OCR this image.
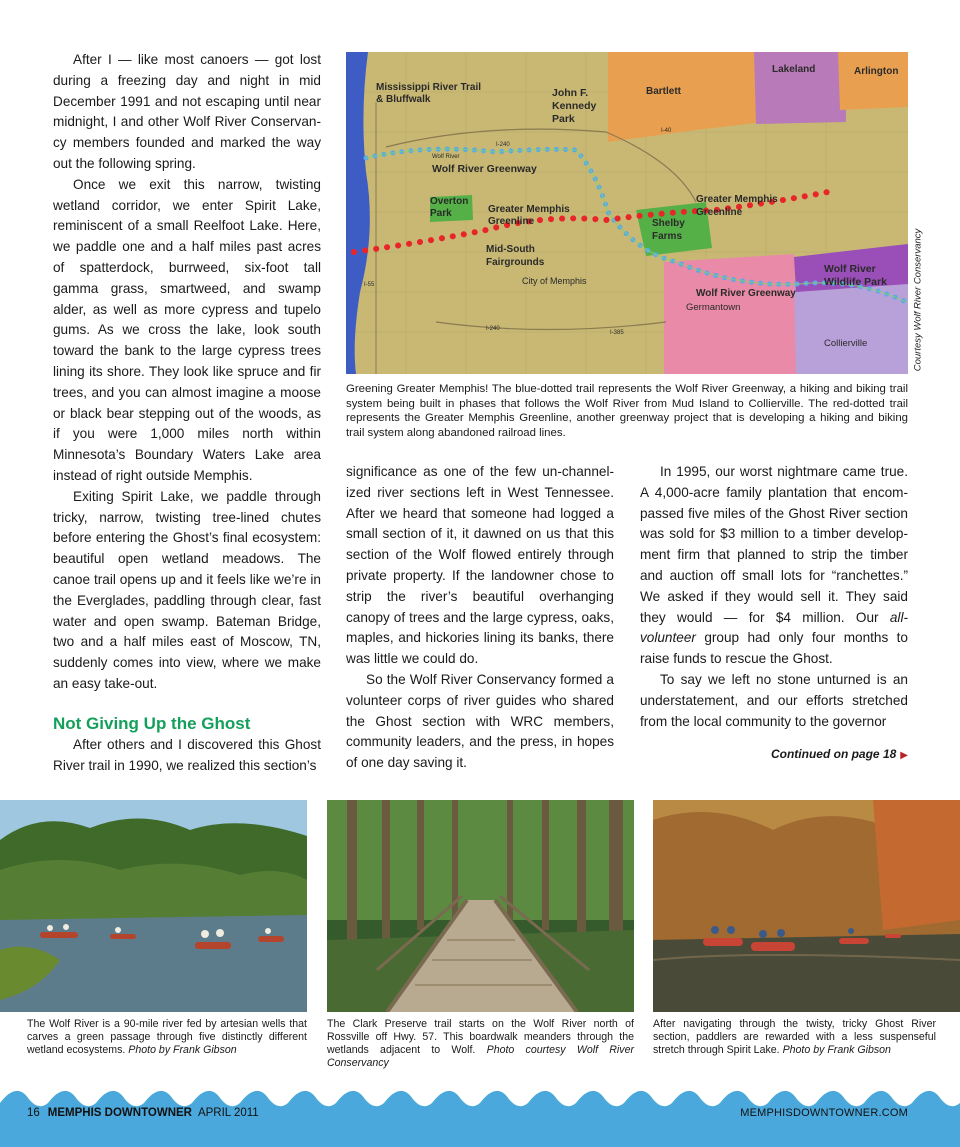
After I — like most canoers — got lost during a freezing day and night in mid December 1991 and not escaping until near midnight, I and other Wolf River Conservancy members founded and marked the way out the following spring.

Once we exit this narrow, twisting wetland corridor, we enter Spirit Lake, reminiscent of a small Reelfoot Lake. Here, we paddle one and a half miles past acres of spatterdock, burrweed, six-foot tall gamma grass, smartweed, and swamp alder, as well as more cypress and tupelo gums. As we cross the lake, look south toward the bank to the large cypress trees lining its shore. They look like spruce and fir trees, and you can almost imagine a moose or black bear stepping out of the woods, as if you were 1,000 miles north within Minnesota’s Boundary Waters Lake area instead of right outside Memphis.

Exiting Spirit Lake, we paddle through tricky, narrow, twisting tree-lined chutes before entering the Ghost’s final ecosystem: beautiful open wetland meadows. The canoe trail opens up and it feels like we’re in the Everglades, paddling through clear, fast water and open swamp. Bateman Bridge, two and a half miles east of Moscow, TN, suddenly comes into view, where we make an easy take-out.

Not Giving Up the Ghost

After others and I discovered this Ghost River trail in 1990, we realized this section’s

Mississippi River Trail
& Bluffwalk
John F.
Kennedy
Park
Bartlett
Lakeland	Arlington
I-240
Wolf River
Wolf River Greenway
Overton
Park	Greater Memphis
Greenline
Greater Memphis
Greenline
Shelby
Farms
Mid-South
Fairgrounds
City of Memphis
I-40
I-240
I-385
Wolf River
Wildlife Park
Wolf River Greenway
Germantown
Collierville
I-55	Courtesy Wolf River Conservancy
Greening Greater Memphis! The blue-dotted trail represents the Wolf River Greenway, a hiking and biking trail system being built in phases that follows the Wolf River from Mud Island to Collierville. The red-dotted trail represents the Greater Memphis Greenline, another greenway project that is developing a hiking and biking trail system along abandoned railroad lines.

significance as one of the few un-channelized river sections left in West Tennessee. After we heard that someone had logged a small section of it, it dawned on us that this section of the Wolf flowed entirely through private property. If the landowner chose to strip the river’s beautiful overhanging canopy of trees and the large cypress, oaks, maples, and hickories lining its banks, there was little we could do.

So the Wolf River Conservancy formed a volunteer corps of river guides who shared the Ghost section with WRC members, community leaders, and the press, in hopes of one day saving it.

In 1995, our worst nightmare came true. A 4,000-acre family plantation that encompassed five miles of the Ghost River section was sold for $3 million to a timber development firm that planned to strip the timber and auction off small lots for “ranchettes.” We asked if they would sell it. They said they would — for $4 million. Our all-volunteer group had only four months to raise funds to rescue the Ghost.

To say we left no stone unturned is an understatement, and our efforts stretched from the local community to the governor

Continued on page 18 ▶

The Wolf River is a 90-mile river fed by artesian wells that carves a green passage through five distinctly different wetland ecosystems. Photo by Frank Gibson
The Clark Preserve trail starts on the Wolf River north of Rossville off Hwy. 57. This boardwalk meanders through the wetlands adjacent to Wolf. Photo courtesy Wolf River Conservancy
After navigating through the twisty, tricky Ghost River section, paddlers are rewarded with a less suspenseful stretch through Spirit Lake. Photo by Frank Gibson
16 MEMPHIS DOWNTOWNER APRIL 2011	MEMPHISDOWNTOWNER.COM
